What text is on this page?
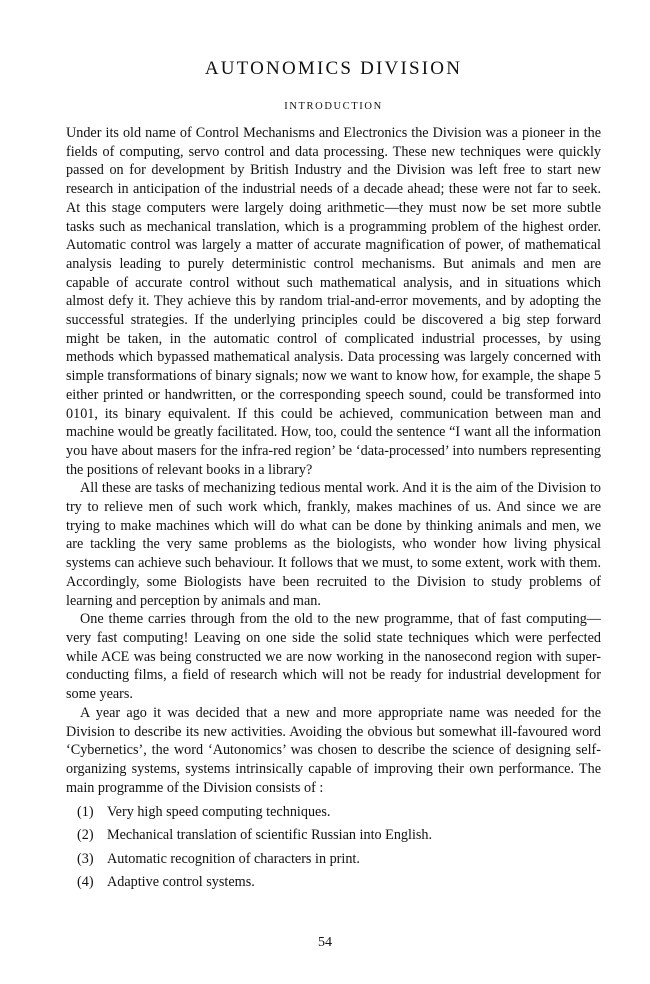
AUTONOMICS DIVISION
INTRODUCTION

Under its old name of Control Mechanisms and Electronics the Division was a pioneer in the fields of computing, servo control and data processing. These new techniques were quickly passed on for development by British Industry and the Division was left free to start new research in anticipation of the industrial needs of a decade ahead; these were not far to seek. At this stage computers were largely doing arithmetic—they must now be set more subtle tasks such as mechanical translation, which is a programming problem of the highest order. Automatic control was largely a matter of accurate magnification of power, of mathematical analysis leading to purely deterministic control mechanisms. But animals and men are capable of accurate control without such mathematical analysis, and in situations which almost defy it. They achieve this by random trial-and-error movements, and by adopting the successful strategies. If the underlying principles could be discovered a big step forward might be taken, in the automatic control of complicated industrial processes, by using methods which bypassed mathematical analysis. Data processing was largely concerned with simple transformations of binary signals; now we want to know how, for example, the shape 5 either printed or handwritten, or the corresponding speech sound, could be transformed into 0101, its binary equivalent. If this could be achieved, communication between man and machine would be greatly facilitated. How, too, could the sentence “I want all the information you have about masers for the infra-red region’ be ‘data-processed’ into numbers representing the positions of relevant books in a library?

All these are tasks of mechanizing tedious mental work. And it is the aim of the Division to try to relieve men of such work which, frankly, makes machines of us. And since we are trying to make machines which will do what can be done by thinking animals and men, we are tackling the very same problems as the biologists, who wonder how living physical systems can achieve such behaviour. It follows that we must, to some extent, work with them. Accordingly, some Biologists have been recruited to the Division to study problems of learning and perception by animals and man.

One theme carries through from the old to the new programme, that of fast computing—very fast computing! Leaving on one side the solid state techniques which were perfected while ACE was being constructed we are now working in the nanosecond region with super-conducting films, a field of research which will not be ready for industrial development for some years.

A year ago it was decided that a new and more appropriate name was needed for the Division to describe its new activities. Avoiding the obvious but somewhat ill-favoured word ‘Cybernetics’, the word ‘Autonomics’ was chosen to describe the science of designing self-organizing systems, systems intrinsically capable of improving their own performance. The main programme of the Division consists of :

(1) Very high speed computing techniques.
(2) Mechanical translation of scientific Russian into English.
(3) Automatic recognition of characters in print.
(4) Adaptive control systems.
54
